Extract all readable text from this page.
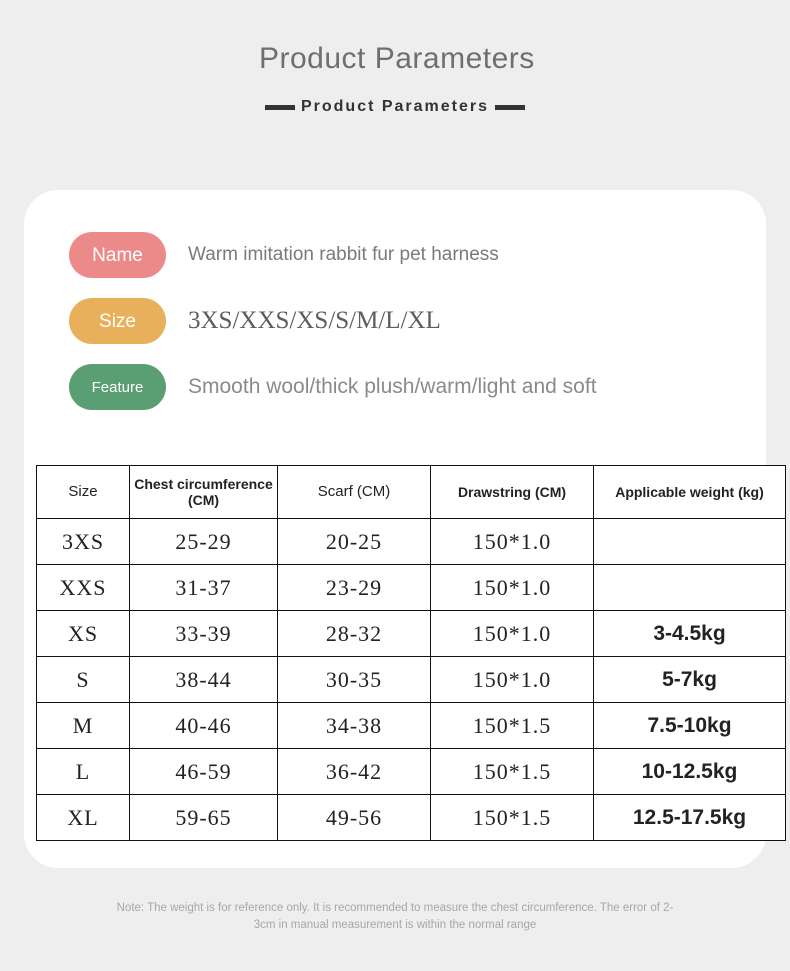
Product Parameters
Product Parameters
Name	Warm imitation rabbit fur pet harness
Size	3XS/XXS/XS/S/M/L/XL
Feature	Smooth wool/thick plush/warm/light and soft
Size	Chest circumference (CM)	Scarf (CM)	Drawstring (CM)	Applicable weight (kg)
3XS	25-29	20-25	150*1.0	
XXS	31-37	23-29	150*1.0	
XS	33-39	28-32	150*1.0	3-4.5kg
S	38-44	30-35	150*1.0	5-7kg
M	40-46	34-38	150*1.5	7.5-10kg
L	46-59	36-42	150*1.5	10-12.5kg
XL	59-65	49-56	150*1.5	12.5-17.5kg
Note: The weight is for reference only. It is recommended to measure the chest circumference. The error of 2-3cm in manual measurement is within the normal range
